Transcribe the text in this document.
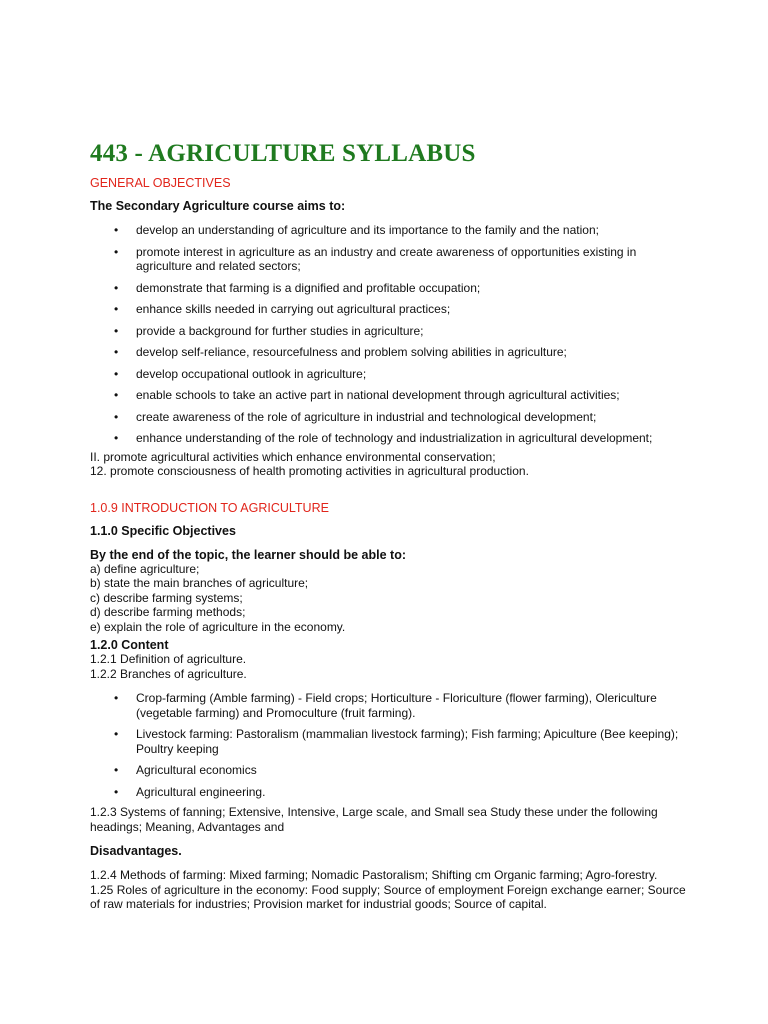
443 - AGRICULTURE SYLLABUS
GENERAL OBJECTIVES
The Secondary Agriculture course aims to:
• develop an understanding of agriculture and its importance to the family and the nation;
• promote interest in agriculture as an industry and create awareness of opportunities existing in agriculture and related sectors;
• demonstrate that farming is a dignified and profitable occupation;
• enhance skills needed in carrying out agricultural practices;
• provide a background for further studies in agriculture;
• develop self-reliance, resourcefulness and problem solving abilities in agriculture;
• develop occupational outlook in agriculture;
• enable schools to take an active part in national development through agricultural activities;
• create awareness of the role of agriculture in industrial and technological development;
• enhance understanding of the role of technology and industrialization in agricultural development;

II. promote agricultural activities which enhance environmental conservation;

12. promote consciousness of health promoting activities in agricultural production.

1.0.9 INTRODUCTION TO AGRICULTURE
1.1.0 Specific Objectives
By the end of the topic, the learner should be able to:

a) define agriculture;

b) state the main branches of agriculture;

c) describe farming systems;

d) describe farming methods;

e) explain the role of agriculture in the economy.

1.2.0 Content

1.2.1 Definition of agriculture.

1.2.2 Branches of agriculture.

• Crop-farming (Amble farming) - Field crops; Horticulture - Floriculture (flower farming), Olericulture (vegetable farming) and Promoculture (fruit farming).
• Livestock farming: Pastoralism (mammalian livestock farming); Fish farming; Apiculture (Bee keeping); Poultry keeping
• Agricultural economics
• Agricultural engineering.

1.2.3 Systems of fanning; Extensive, Intensive, Large scale, and Small sea Study these under the following headings; Meaning, Advantages and

Disadvantages.

1.2.4 Methods of farming: Mixed farming; Nomadic Pastoralism; Shifting cm Organic farming; Agro-forestry.

1.25 Roles of agriculture in the economy: Food supply; Source of employment Foreign exchange earner; Source of raw materials for industries; Provision market for industrial goods; Source of capital.
